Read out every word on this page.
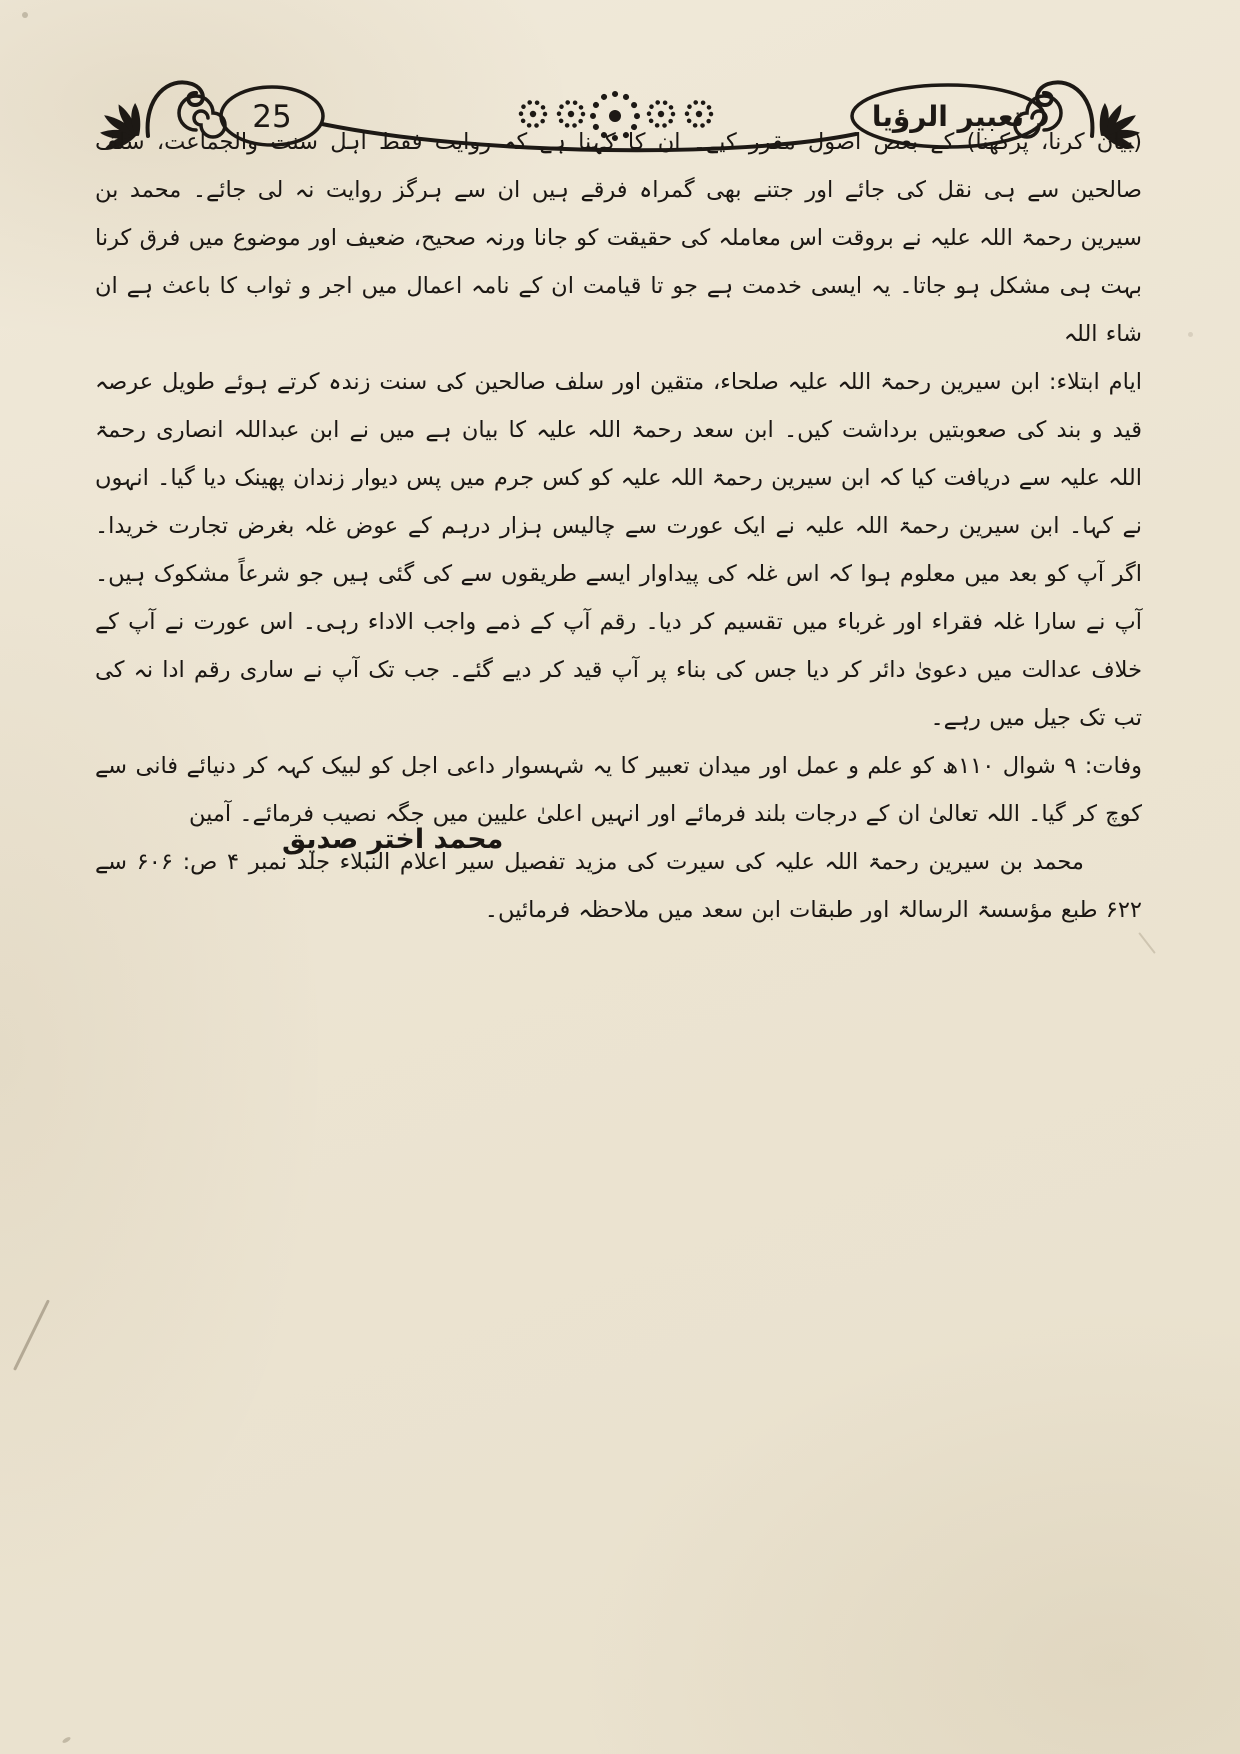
25	تعبیر الرؤیا

(بیان کرنا، پرکھنا) کے بعض اصول مقرر کیے۔ ان کا کہنا ہے کہ روایت فقط اہل سنت والجماعت، سلف صالحین سے ہی نقل کی جائے اور جتنے بھی گمراہ فرقے ہیں ان سے ہرگز روایت نہ لی جائے۔ محمد بن سیرین رحمۃ اللہ علیہ نے بروقت اس معاملہ کی حقیقت کو جانا ورنہ صحیح، ضعیف اور موضوع میں فرق کرنا بہت ہی مشکل ہو جاتا۔ یہ ایسی خدمت ہے جو تا قیامت ان کے نامہ اعمال میں اجر و ثواب کا باعث ہے ان شاء اللہ

ایام ابتلاء: ابن سیرین رحمۃ اللہ علیہ صلحاء، متقین اور سلف صالحین کی سنت زندہ کرتے ہوئے طویل عرصہ قید و بند کی صعوبتیں برداشت کیں۔ ابن سعد رحمۃ اللہ علیہ کا بیان ہے میں نے ابن عبداللہ انصاری رحمۃ اللہ علیہ سے دریافت کیا کہ ابن سیرین رحمۃ اللہ علیہ کو کس جرم میں پس دیوار زندان پھینک دیا گیا۔ انہوں نے کہا۔ ابن سیرین رحمۃ اللہ علیہ نے ایک عورت سے چالیس ہزار درہم کے عوض غلہ بغرض تجارت خریدا۔ اگر آپ کو بعد میں معلوم ہوا کہ اس غلہ کی پیداوار ایسے طریقوں سے کی گئی ہیں جو شرعاً مشکوک ہیں۔ آپ نے سارا غلہ فقراء اور غرباء میں تقسیم کر دیا۔ رقم آپ کے ذمے واجب الاداء رہی۔ اس عورت نے آپ کے خلاف عدالت میں دعویٰ دائر کر دیا جس کی بناء پر آپ قید کر دیے گئے۔ جب تک آپ نے ساری رقم ادا نہ کی تب تک جیل میں رہے۔

وفات: ۹ شوال ۱۱۰ھ کو علم و عمل اور میدان تعبیر کا یہ شہسوار داعی اجل کو لبیک کہہ کر دنیائے فانی سے کوچ کر گیا۔ اللہ تعالیٰ ان کے درجات بلند فرمائے اور انہیں اعلیٰ علیین میں جگہ نصیب فرمائے۔ آمین

محمد بن سیرین رحمۃ اللہ علیہ کی سیرت کی مزید تفصیل سیر اعلام النبلاء جلد نمبر ۴ ص: ۶۰۶ سے ۶۲۲ طبع مؤسسۃ الرسالۃ اور طبقات ابن سعد میں ملاحظہ فرمائیں۔

محمد اختر صدیق
